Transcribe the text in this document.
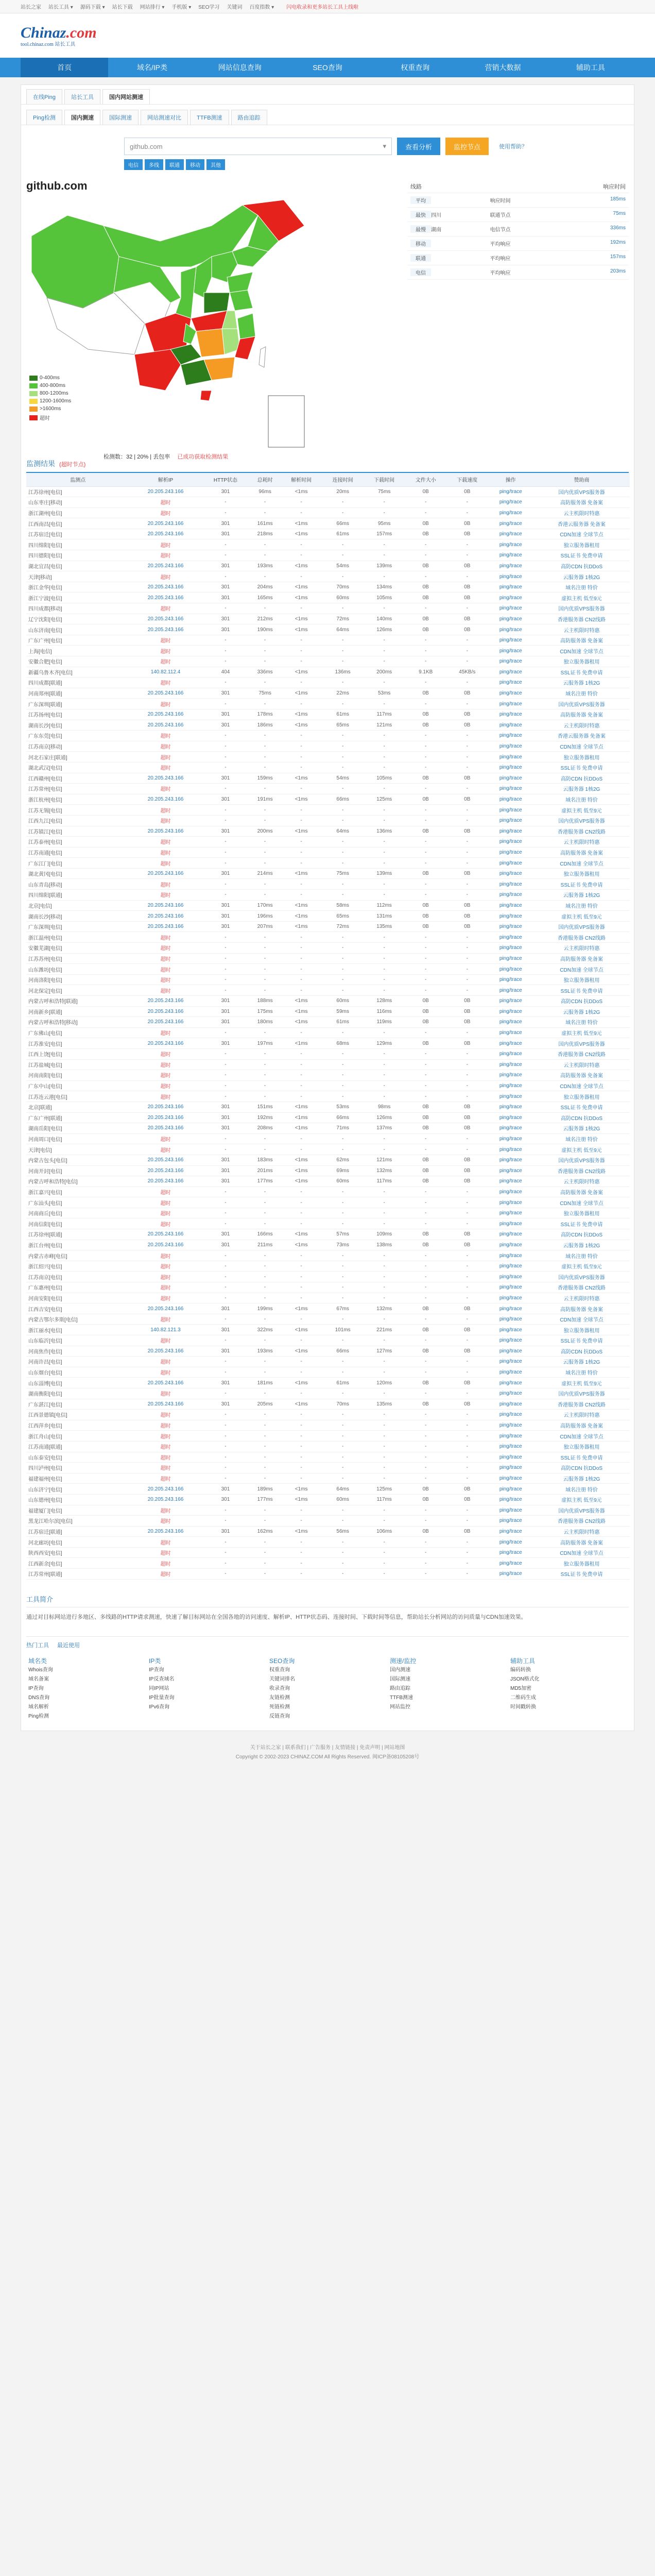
站长之家 站长工具 ▾ 源码下载 ▾ 站长下载 网站排行 ▾ 手机版 ▾ SEO学习 关键词 百度指数 ▾ 闪电收录和更多站长工具上线啦
Chinaz.com
tool.chinaz.com 站长工具
首页	域名/IP类	网站信息查询	SEO查询	权重查询	营销大数据	辅助工具
在线Ping	站长工具	国内网站测速
Ping检测	国内测速	国际测速	网站测速对比	TTFB测速	路由追踪
github.com	▾	查看分析	监控节点	使用帮助？
电信	多线	联通	移动	其他
github.com
0-400ms
400-800ms
800-1200ms
1200-1600ms
>1600ms
超时
检测数：32 | 20% | 丢包率 已成功获取检测结果
线路	响应时间
平均	响应时间	185ms
最快	四川	联通节点	75ms
最慢	湖南	电信节点	336ms
移动	平均响应	192ms
联通	平均响应	157ms
电信	平均响应	203ms
监测结果 (超时节点)
监测点	解析IP	HTTP状态	总耗时	解析时间	连接时间	下载时间	文件大小	下载速度	操作	赞助商
江苏徐州[电信]	20.205.243.166	301	96ms	<1ms	20ms	75ms	0B	0B	ping/trace	国内优质VPS服务器
山东枣庄[移动]	超时	-	-	-	-	-	-	-	ping/trace	高防服务器 免备案
浙江湖州[电信]	超时	-	-	-	-	-	-	-	ping/trace	云主机限时特惠
江西南昌[电信]	20.205.243.166	301	161ms	<1ms	66ms	95ms	0B	0B	ping/trace	香港云服务器 免备案
江苏宿迁[电信]	20.205.243.166	301	218ms	<1ms	61ms	157ms	0B	0B	ping/trace	CDN加速 全球节点
四川绵阳[电信]	超时	-	-	-	-	-	-	-	ping/trace	独立服务器租用
四川德阳[电信]	超时	-	-	-	-	-	-	-	ping/trace	SSL证书 免费申请
湖北宜昌[电信]	20.205.243.166	301	193ms	<1ms	54ms	139ms	0B	0B	ping/trace	高防CDN 抗DDoS
天津[移动]	超时	-	-	-	-	-	-	-	ping/trace	云服务器 1核2G
浙江金华[电信]	20.205.243.166	301	204ms	<1ms	70ms	134ms	0B	0B	ping/trace	域名注册 特价
浙江宁波[电信]	20.205.243.166	301	165ms	<1ms	60ms	105ms	0B	0B	ping/trace	虚拟主机 低至9元
四川成都[移动]	超时	-	-	-	-	-	-	-	ping/trace	国内优质VPS服务器
辽宁沈阳[电信]	20.205.243.166	301	212ms	<1ms	72ms	140ms	0B	0B	ping/trace	香港服务器 CN2线路
山东济南[电信]	20.205.243.166	301	190ms	<1ms	64ms	126ms	0B	0B	ping/trace	云主机限时特惠
广东广州[电信]	超时	-	-	-	-	-	-	-	ping/trace	高防服务器 免备案
上海[电信]	超时	-	-	-	-	-	-	-	ping/trace	CDN加速 全球节点
安徽合肥[电信]	超时	-	-	-	-	-	-	-	ping/trace	独立服务器租用
新疆乌鲁木齐[电信]	140.82.112.4	404	336ms	<1ms	136ms	200ms	9.1KB	45KB/s	ping/trace	SSL证书 免费申请
四川成都[联通]	超时	-	-	-	-	-	-	-	ping/trace	云服务器 1核2G
河南郑州[联通]	20.205.243.166	301	75ms	<1ms	22ms	53ms	0B	0B	ping/trace	域名注册 特价
广东深圳[联通]	超时	-	-	-	-	-	-	-	ping/trace	国内优质VPS服务器
江苏扬州[电信]	20.205.243.166	301	178ms	<1ms	61ms	117ms	0B	0B	ping/trace	高防服务器 免备案
湖南长沙[电信]	20.205.243.166	301	186ms	<1ms	65ms	121ms	0B	0B	ping/trace	云主机限时特惠
广东东莞[电信]	超时	-	-	-	-	-	-	-	ping/trace	香港云服务器 免备案
江苏南京[移动]	超时	-	-	-	-	-	-	-	ping/trace	CDN加速 全球节点
河北石家庄[联通]	超时	-	-	-	-	-	-	-	ping/trace	独立服务器租用
湖北武汉[电信]	超时	-	-	-	-	-	-	-	ping/trace	SSL证书 免费申请
江西赣州[电信]	20.205.243.166	301	159ms	<1ms	54ms	105ms	0B	0B	ping/trace	高防CDN 抗DDoS
江苏常州[电信]	超时	-	-	-	-	-	-	-	ping/trace	云服务器 1核2G
浙江杭州[电信]	20.205.243.166	301	191ms	<1ms	66ms	125ms	0B	0B	ping/trace	域名注册 特价
江苏无锡[电信]	超时	-	-	-	-	-	-	-	ping/trace	虚拟主机 低至9元
江西九江[电信]	超时	-	-	-	-	-	-	-	ping/trace	国内优质VPS服务器
江苏镇江[电信]	20.205.243.166	301	200ms	<1ms	64ms	136ms	0B	0B	ping/trace	香港服务器 CN2线路
江苏泰州[电信]	超时	-	-	-	-	-	-	-	ping/trace	云主机限时特惠
江苏南通[电信]	超时	-	-	-	-	-	-	-	ping/trace	高防服务器 免备案
广东江门[电信]	超时	-	-	-	-	-	-	-	ping/trace	CDN加速 全球节点
湖北黄冈[电信]	20.205.243.166	301	214ms	<1ms	75ms	139ms	0B	0B	ping/trace	独立服务器租用
山东青岛[移动]	超时	-	-	-	-	-	-	-	ping/trace	SSL证书 免费申请
四川绵阳[联通]	超时	-	-	-	-	-	-	-	ping/trace	云服务器 1核2G
北京[电信]	20.205.243.166	301	170ms	<1ms	58ms	112ms	0B	0B	ping/trace	域名注册 特价
湖南长沙[移动]	20.205.243.166	301	196ms	<1ms	65ms	131ms	0B	0B	ping/trace	虚拟主机 低至9元
广东深圳[电信]	20.205.243.166	301	207ms	<1ms	72ms	135ms	0B	0B	ping/trace	国内优质VPS服务器
浙江温州[电信]	超时	-	-	-	-	-	-	-	ping/trace	香港服务器 CN2线路
安徽芜湖[电信]	超时	-	-	-	-	-	-	-	ping/trace	云主机限时特惠
江苏苏州[电信]	超时	-	-	-	-	-	-	-	ping/trace	高防服务器 免备案
山东潍坊[电信]	超时	-	-	-	-	-	-	-	ping/trace	CDN加速 全球节点
河南洛阳[电信]	超时	-	-	-	-	-	-	-	ping/trace	独立服务器租用
河北保定[电信]	超时	-	-	-	-	-	-	-	ping/trace	SSL证书 免费申请
内蒙古呼和浩特[联通]	20.205.243.166	301	188ms	<1ms	60ms	128ms	0B	0B	ping/trace	高防CDN 抗DDoS
河南新乡[联通]	20.205.243.166	301	175ms	<1ms	59ms	116ms	0B	0B	ping/trace	云服务器 1核2G
内蒙古呼和浩特[移动]	20.205.243.166	301	180ms	<1ms	61ms	119ms	0B	0B	ping/trace	域名注册 特价
广东佛山[电信]	超时	-	-	-	-	-	-	-	ping/trace	虚拟主机 低至9元
江苏淮安[电信]	20.205.243.166	301	197ms	<1ms	68ms	129ms	0B	0B	ping/trace	国内优质VPS服务器
江西上饶[电信]	超时	-	-	-	-	-	-	-	ping/trace	香港服务器 CN2线路
江苏盐城[电信]	超时	-	-	-	-	-	-	-	ping/trace	云主机限时特惠
河南南阳[电信]	超时	-	-	-	-	-	-	-	ping/trace	高防服务器 免备案
广东中山[电信]	超时	-	-	-	-	-	-	-	ping/trace	CDN加速 全球节点
江苏连云港[电信]	超时	-	-	-	-	-	-	-	ping/trace	独立服务器租用
北京[联通]	20.205.243.166	301	151ms	<1ms	53ms	98ms	0B	0B	ping/trace	SSL证书 免费申请
广东广州[联通]	20.205.243.166	301	192ms	<1ms	66ms	126ms	0B	0B	ping/trace	高防CDN 抗DDoS
湖南岳阳[电信]	20.205.243.166	301	208ms	<1ms	71ms	137ms	0B	0B	ping/trace	云服务器 1核2G
河南周口[电信]	超时	-	-	-	-	-	-	-	ping/trace	域名注册 特价
天津[电信]	超时	-	-	-	-	-	-	-	ping/trace	虚拟主机 低至9元
内蒙古包头[电信]	20.205.243.166	301	183ms	<1ms	62ms	121ms	0B	0B	ping/trace	国内优质VPS服务器
河南开封[电信]	20.205.243.166	301	201ms	<1ms	69ms	132ms	0B	0B	ping/trace	香港服务器 CN2线路
内蒙古呼和浩特[电信]	20.205.243.166	301	177ms	<1ms	60ms	117ms	0B	0B	ping/trace	云主机限时特惠
浙江嘉兴[电信]	超时	-	-	-	-	-	-	-	ping/trace	高防服务器 免备案
广东汕头[电信]	超时	-	-	-	-	-	-	-	ping/trace	CDN加速 全球节点
河南商丘[电信]	超时	-	-	-	-	-	-	-	ping/trace	独立服务器租用
河南信阳[电信]	超时	-	-	-	-	-	-	-	ping/trace	SSL证书 免费申请
江苏徐州[联通]	20.205.243.166	301	166ms	<1ms	57ms	109ms	0B	0B	ping/trace	高防CDN 抗DDoS
浙江台州[电信]	20.205.243.166	301	211ms	<1ms	73ms	138ms	0B	0B	ping/trace	云服务器 1核2G
内蒙古赤峰[电信]	超时	-	-	-	-	-	-	-	ping/trace	域名注册 特价
浙江绍兴[电信]	超时	-	-	-	-	-	-	-	ping/trace	虚拟主机 低至9元
江苏南京[电信]	超时	-	-	-	-	-	-	-	ping/trace	国内优质VPS服务器
广东惠州[电信]	超时	-	-	-	-	-	-	-	ping/trace	香港服务器 CN2线路
河南安阳[电信]	超时	-	-	-	-	-	-	-	ping/trace	云主机限时特惠
江西吉安[电信]	20.205.243.166	301	199ms	<1ms	67ms	132ms	0B	0B	ping/trace	高防服务器 免备案
内蒙古鄂尔多斯[电信]	超时	-	-	-	-	-	-	-	ping/trace	CDN加速 全球节点
浙江丽水[电信]	140.82.121.3	301	322ms	<1ms	101ms	221ms	0B	0B	ping/trace	独立服务器租用
山东临沂[电信]	超时	-	-	-	-	-	-	-	ping/trace	SSL证书 免费申请
河南焦作[电信]	20.205.243.166	301	193ms	<1ms	66ms	127ms	0B	0B	ping/trace	高防CDN 抗DDoS
河南许昌[电信]	超时	-	-	-	-	-	-	-	ping/trace	云服务器 1核2G
山东烟台[电信]	超时	-	-	-	-	-	-	-	ping/trace	域名注册 特价
山东淄博[电信]	20.205.243.166	301	181ms	<1ms	61ms	120ms	0B	0B	ping/trace	虚拟主机 低至9元
湖南衡阳[电信]	超时	-	-	-	-	-	-	-	ping/trace	国内优质VPS服务器
广东湛江[电信]	20.205.243.166	301	205ms	<1ms	70ms	135ms	0B	0B	ping/trace	香港服务器 CN2线路
江西景德镇[电信]	超时	-	-	-	-	-	-	-	ping/trace	云主机限时特惠
江西萍乡[电信]	超时	-	-	-	-	-	-	-	ping/trace	高防服务器 免备案
浙江舟山[电信]	超时	-	-	-	-	-	-	-	ping/trace	CDN加速 全球节点
江苏南通[联通]	超时	-	-	-	-	-	-	-	ping/trace	独立服务器租用
山东泰安[电信]	超时	-	-	-	-	-	-	-	ping/trace	SSL证书 免费申请
四川泸州[电信]	超时	-	-	-	-	-	-	-	ping/trace	高防CDN 抗DDoS
福建福州[电信]	超时	-	-	-	-	-	-	-	ping/trace	云服务器 1核2G
山东济宁[电信]	20.205.243.166	301	189ms	<1ms	64ms	125ms	0B	0B	ping/trace	域名注册 特价
山东德州[电信]	20.205.243.166	301	177ms	<1ms	60ms	117ms	0B	0B	ping/trace	虚拟主机 低至9元
福建厦门[电信]	超时	-	-	-	-	-	-	-	ping/trace	国内优质VPS服务器
黑龙江哈尔滨[电信]	超时	-	-	-	-	-	-	-	ping/trace	香港服务器 CN2线路
江苏宿迁[联通]	20.205.243.166	301	162ms	<1ms	56ms	106ms	0B	0B	ping/trace	云主机限时特惠
河北廊坊[电信]	超时	-	-	-	-	-	-	-	ping/trace	高防服务器 免备案
陕西西安[电信]	超时	-	-	-	-	-	-	-	ping/trace	CDN加速 全球节点
江西新余[电信]	超时	-	-	-	-	-	-	-	ping/trace	独立服务器租用
江苏常州[联通]	超时	-	-	-	-	-	-	-	ping/trace	SSL证书 免费申请
工具简介

通过对目标网站进行多地区、多线路的HTTP请求测速，快速了解目标网站在全国各地的访问速度、解析IP、HTTP状态码、连接时间、下载时间等信息，帮助站长分析网站的访问质量与CDN加速效果。

热门工具 最近使用
域名类
Whois查询
域名备案
IP查询
DNS查询
域名解析
Ping检测
IP类
IP查询
IP反查域名
同IP网站
IP批量查询
IPv6查询
SEO查询
权重查询
关键词排名
收录查询
友链检测
死链检测
反链查询
测速/监控
国内测速
国际测速
路由追踪
TTFB测速
网站监控
辅助工具
编码转换
JSON格式化
MD5加密
二维码生成
时间戳转换
关于站长之家 | 联系我们 | 广告服务 | 友情链接 | 免责声明 | 网站地图
Copyright © 2002-2023 CHINAZ.COM All Rights Reserved. 闽ICP备08105208号
